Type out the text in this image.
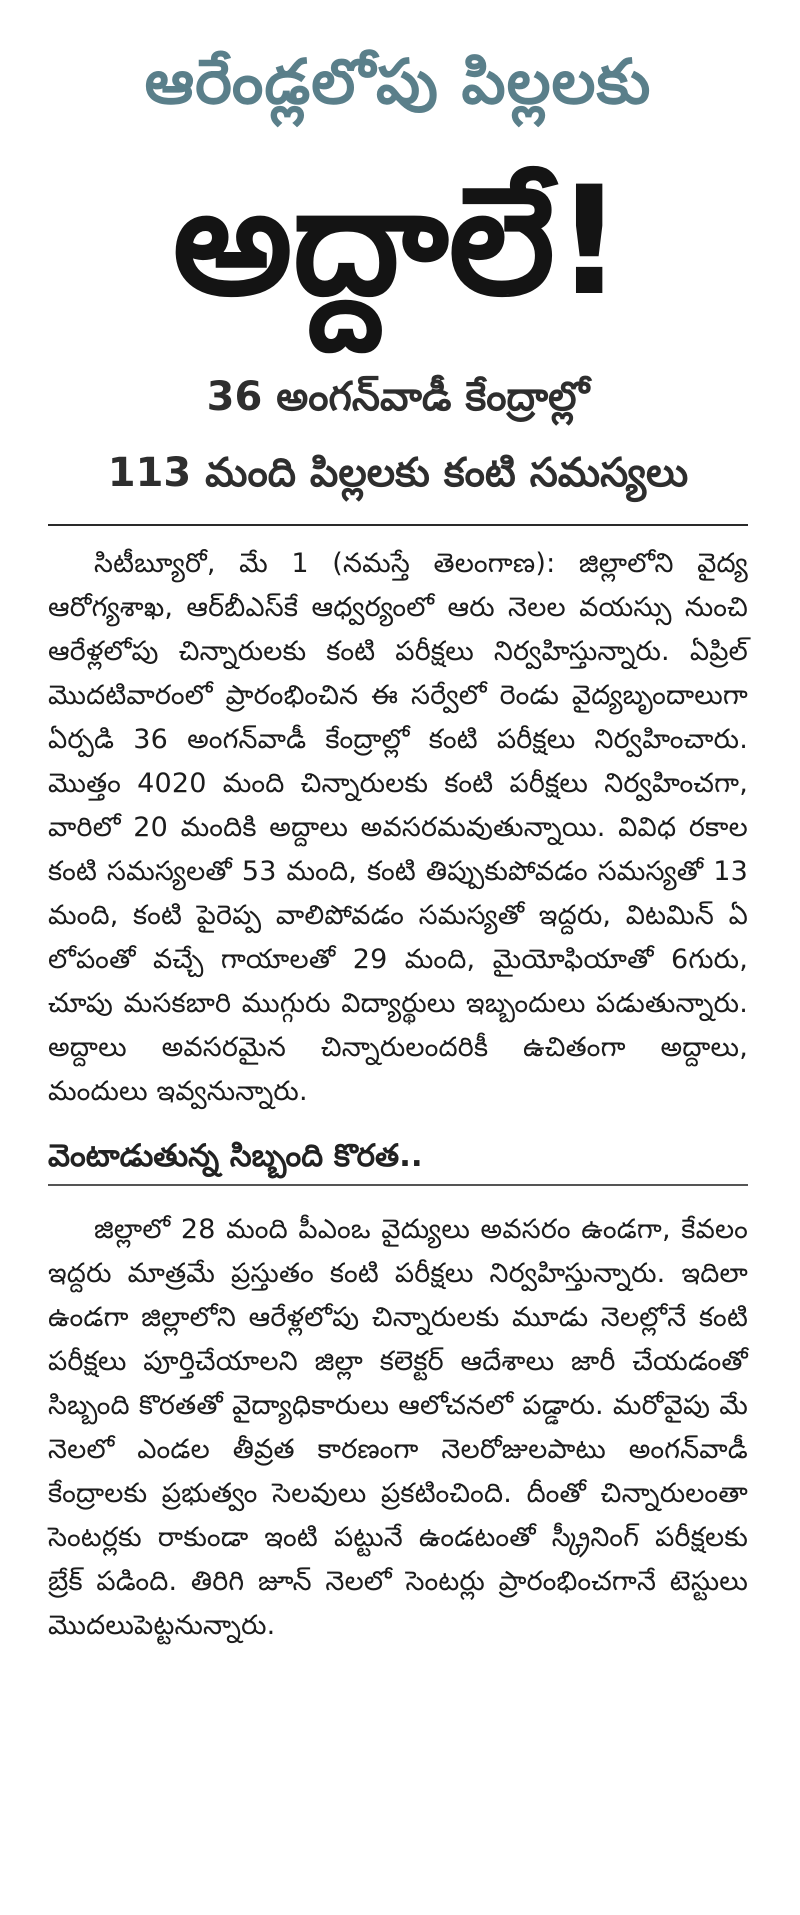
ఆరేండ్లలోపు పిల్లలకు
అద్దాలే!
36 అంగన్‌వాడీ కేంద్రాల్లో
113 మంది పిల్లలకు కంటి సమస్యలు

సిటీబ్యూరో, మే 1 (నమస్తే తెలంగాణ): జిల్లాలోని వైద్య ఆరోగ్యశాఖ, ఆర్‌బీఎస్‌కే ఆధ్వర్యంలో ఆరు నెలల వయస్సు నుంచి ఆరేళ్లలోపు చిన్నారులకు కంటి పరీక్షలు నిర్వహిస్తున్నారు. ఏప్రిల్ మొదటివారంలో ప్రారంభించిన ఈ సర్వేలో రెండు వైద్యబృందాలుగా ఏర్పడి 36 అంగన్‌వాడీ కేంద్రాల్లో కంటి పరీక్షలు నిర్వహించారు. మొత్తం 4020 మంది చిన్నారులకు కంటి పరీక్షలు నిర్వహించగా, వారిలో 20 మందికి అద్దాలు అవసరమవుతున్నాయి. వివిధ రకాల కంటి సమస్యలతో 53 మంది, కంటి తిప్పుకుపోవడం సమస్యతో 13 మంది, కంటి పైరెప్ప వాలిపోవడం సమస్యతో ఇద్దరు, విటమిన్ ఏ లోపంతో వచ్చే గాయాలతో 29 మంది, మైయోఫియాతో 6గురు, చూపు మసకబారి ముగ్గురు విద్యార్థులు ఇబ్బందులు పడుతున్నారు. అద్దాలు అవసరమైన చిన్నారులందరికీ ఉచితంగా అద్దాలు, మందులు ఇవ్వనున్నారు.

వెంటాడుతున్న సిబ్బంది కొరత..

జిల్లాలో 28 మంది పీఎంఒ వైద్యులు అవసరం ఉండగా, కేవలం ఇద్దరు మాత్రమే ప్రస్తుతం కంటి పరీక్షలు నిర్వహిస్తున్నారు. ఇదిలా ఉండగా జిల్లాలోని ఆరేళ్లలోపు చిన్నారులకు మూడు నెలల్లోనే కంటి పరీక్షలు పూర్తిచేయాలని జిల్లా కలెక్టర్ ఆదేశాలు జారీ చేయడంతో సిబ్బంది కొరతతో వైద్యాధికారులు ఆలోచనలో పడ్డారు. మరోవైపు మే నెలలో ఎండల తీవ్రత కారణంగా నెలరోజులపాటు అంగన్‌వాడీ కేంద్రాలకు ప్రభుత్వం సెలవులు ప్రకటించింది. దీంతో చిన్నారులంతా సెంటర్లకు రాకుండా ఇంటి పట్టునే ఉండటంతో స్క్రీనింగ్ పరీక్షలకు బ్రేక్ పడింది. తిరిగి జూన్ నెలలో సెంటర్లు ప్రారంభించగానే టెస్టులు మొదలుపెట్టనున్నారు.
